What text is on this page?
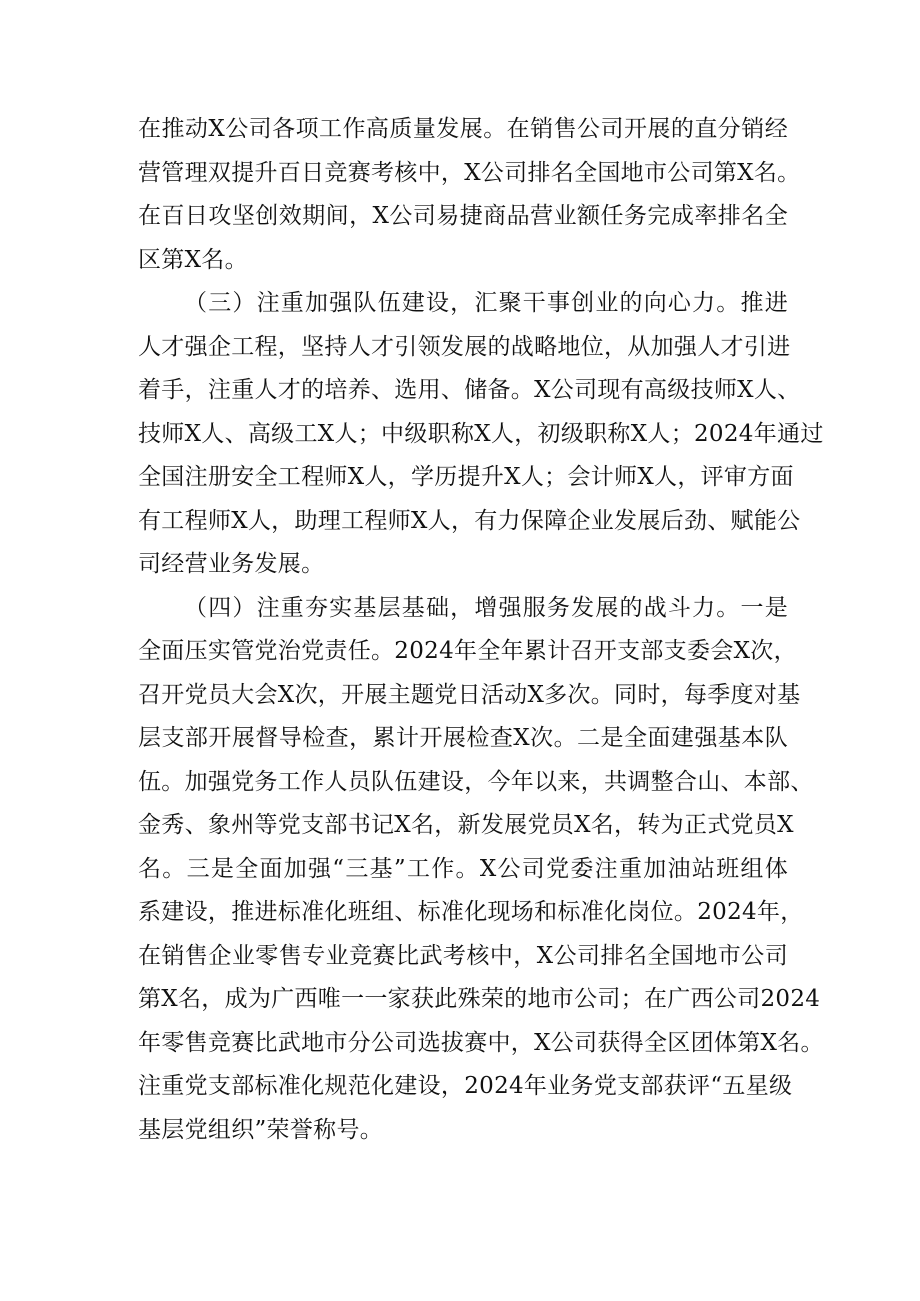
在推动X公司各项工作高质量发展。在销售公司开展的直分销经
营管理双提升百日竞赛考核中，X公司排名全国地市公司第X名。
在百日攻坚创效期间，X公司易捷商品营业额任务完成率排名全
区第X名。
（三）注重加强队伍建设，汇聚干事创业的向心力。推进
人才强企工程，坚持人才引领发展的战略地位，从加强人才引进
着手，注重人才的培养、选用、储备。X公司现有高级技师X人、
技师X人、高级工X人；中级职称X人，初级职称X人；2024年通过
全国注册安全工程师X人，学历提升X人；会计师X人，评审方面
有工程师X人，助理工程师X人，有力保障企业发展后劲、赋能公
司经营业务发展。
（四）注重夯实基层基础，增强服务发展的战斗力。一是
全面压实管党治党责任。2024年全年累计召开支部支委会X次，
召开党员大会X次，开展主题党日活动X多次。同时，每季度对基
层支部开展督导检查，累计开展检查X次。二是全面建强基本队
伍。加强党务工作人员队伍建设，今年以来，共调整合山、本部、
金秀、象州等党支部书记X名，新发展党员X名，转为正式党员X
名。三是全面加强“三基”工作。X公司党委注重加油站班组体
系建设，推进标准化班组、标准化现场和标准化岗位。2024年，
在销售企业零售专业竞赛比武考核中，X公司排名全国地市公司
第X名，成为广西唯一一家获此殊荣的地市公司；在广西公司2024
年零售竞赛比武地市分公司选拔赛中，X公司获得全区团体第X名。
注重党支部标准化规范化建设，2024年业务党支部获评“五星级
基层党组织”荣誉称号。
